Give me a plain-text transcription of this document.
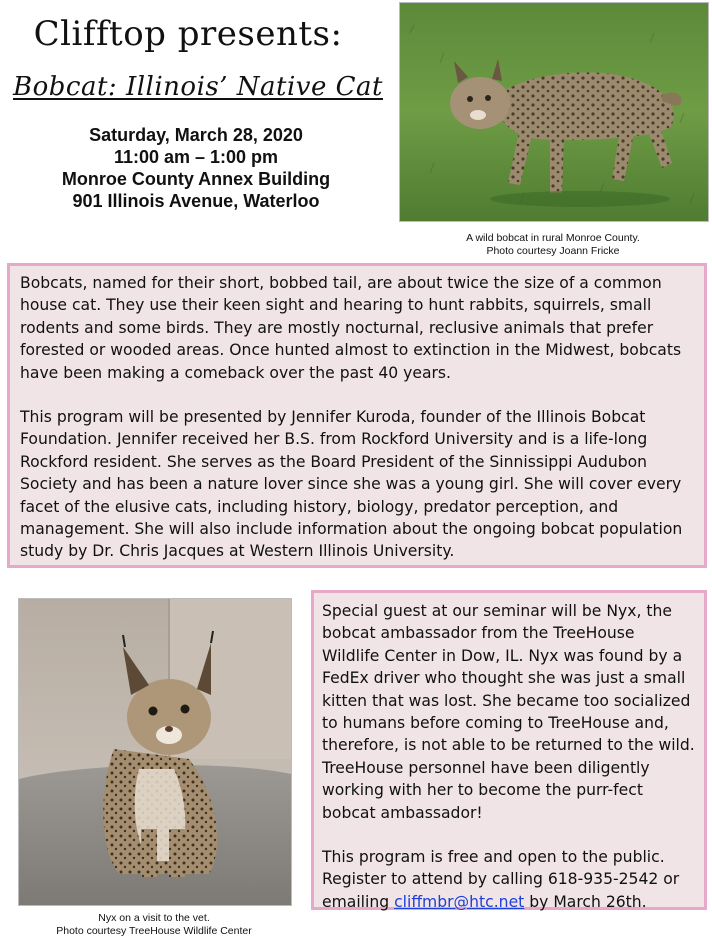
Clifftop presents:
Bobcat: Illinois’ Native Cat
Saturday, March 28, 2020
11:00 am – 1:00 pm
Monroe County Annex Building
901 Illinois Avenue, Waterloo
A wild bobcat in rural Monroe County.
Photo courtesy Joann Fricke

Bobcats, named for their short, bobbed tail, are about twice the size of a common house cat. They use their keen sight and hearing to hunt rabbits, squirrels, small rodents and some birds. They are mostly nocturnal, reclusive animals that prefer forested or wooded areas. Once hunted almost to extinction in the Midwest, bobcats have been making a comeback over the past 40 years.

This program will be presented by Jennifer Kuroda, founder of the Illinois Bobcat Foundation. Jennifer received her B.S. from Rockford University and is a life-long Rockford resident. She serves as the Board President of the Sinnissippi Audubon Society and has been a nature lover since she was a young girl. She will cover every facet of the elusive cats, including history, biology, predator perception, and management. She will also include information about the ongoing bobcat population study by Dr. Chris Jacques at Western Illinois University.

Nyx on a visit to the vet.
Photo courtesy TreeHouse Wildlife Center

Special guest at our seminar will be Nyx, the bobcat ambassador from the TreeHouse Wildlife Center in Dow, IL. Nyx was found by a FedEx driver who thought she was just a small kitten that was lost. She became too socialized to humans before coming to TreeHouse and, therefore, is not able to be returned to the wild. TreeHouse personnel have been diligently working with her to become the purr-fect bobcat ambassador!

This program is free and open to the public. Register to attend by calling 618-935-2542 or emailing cliffmbr@htc.net by March 26th.
